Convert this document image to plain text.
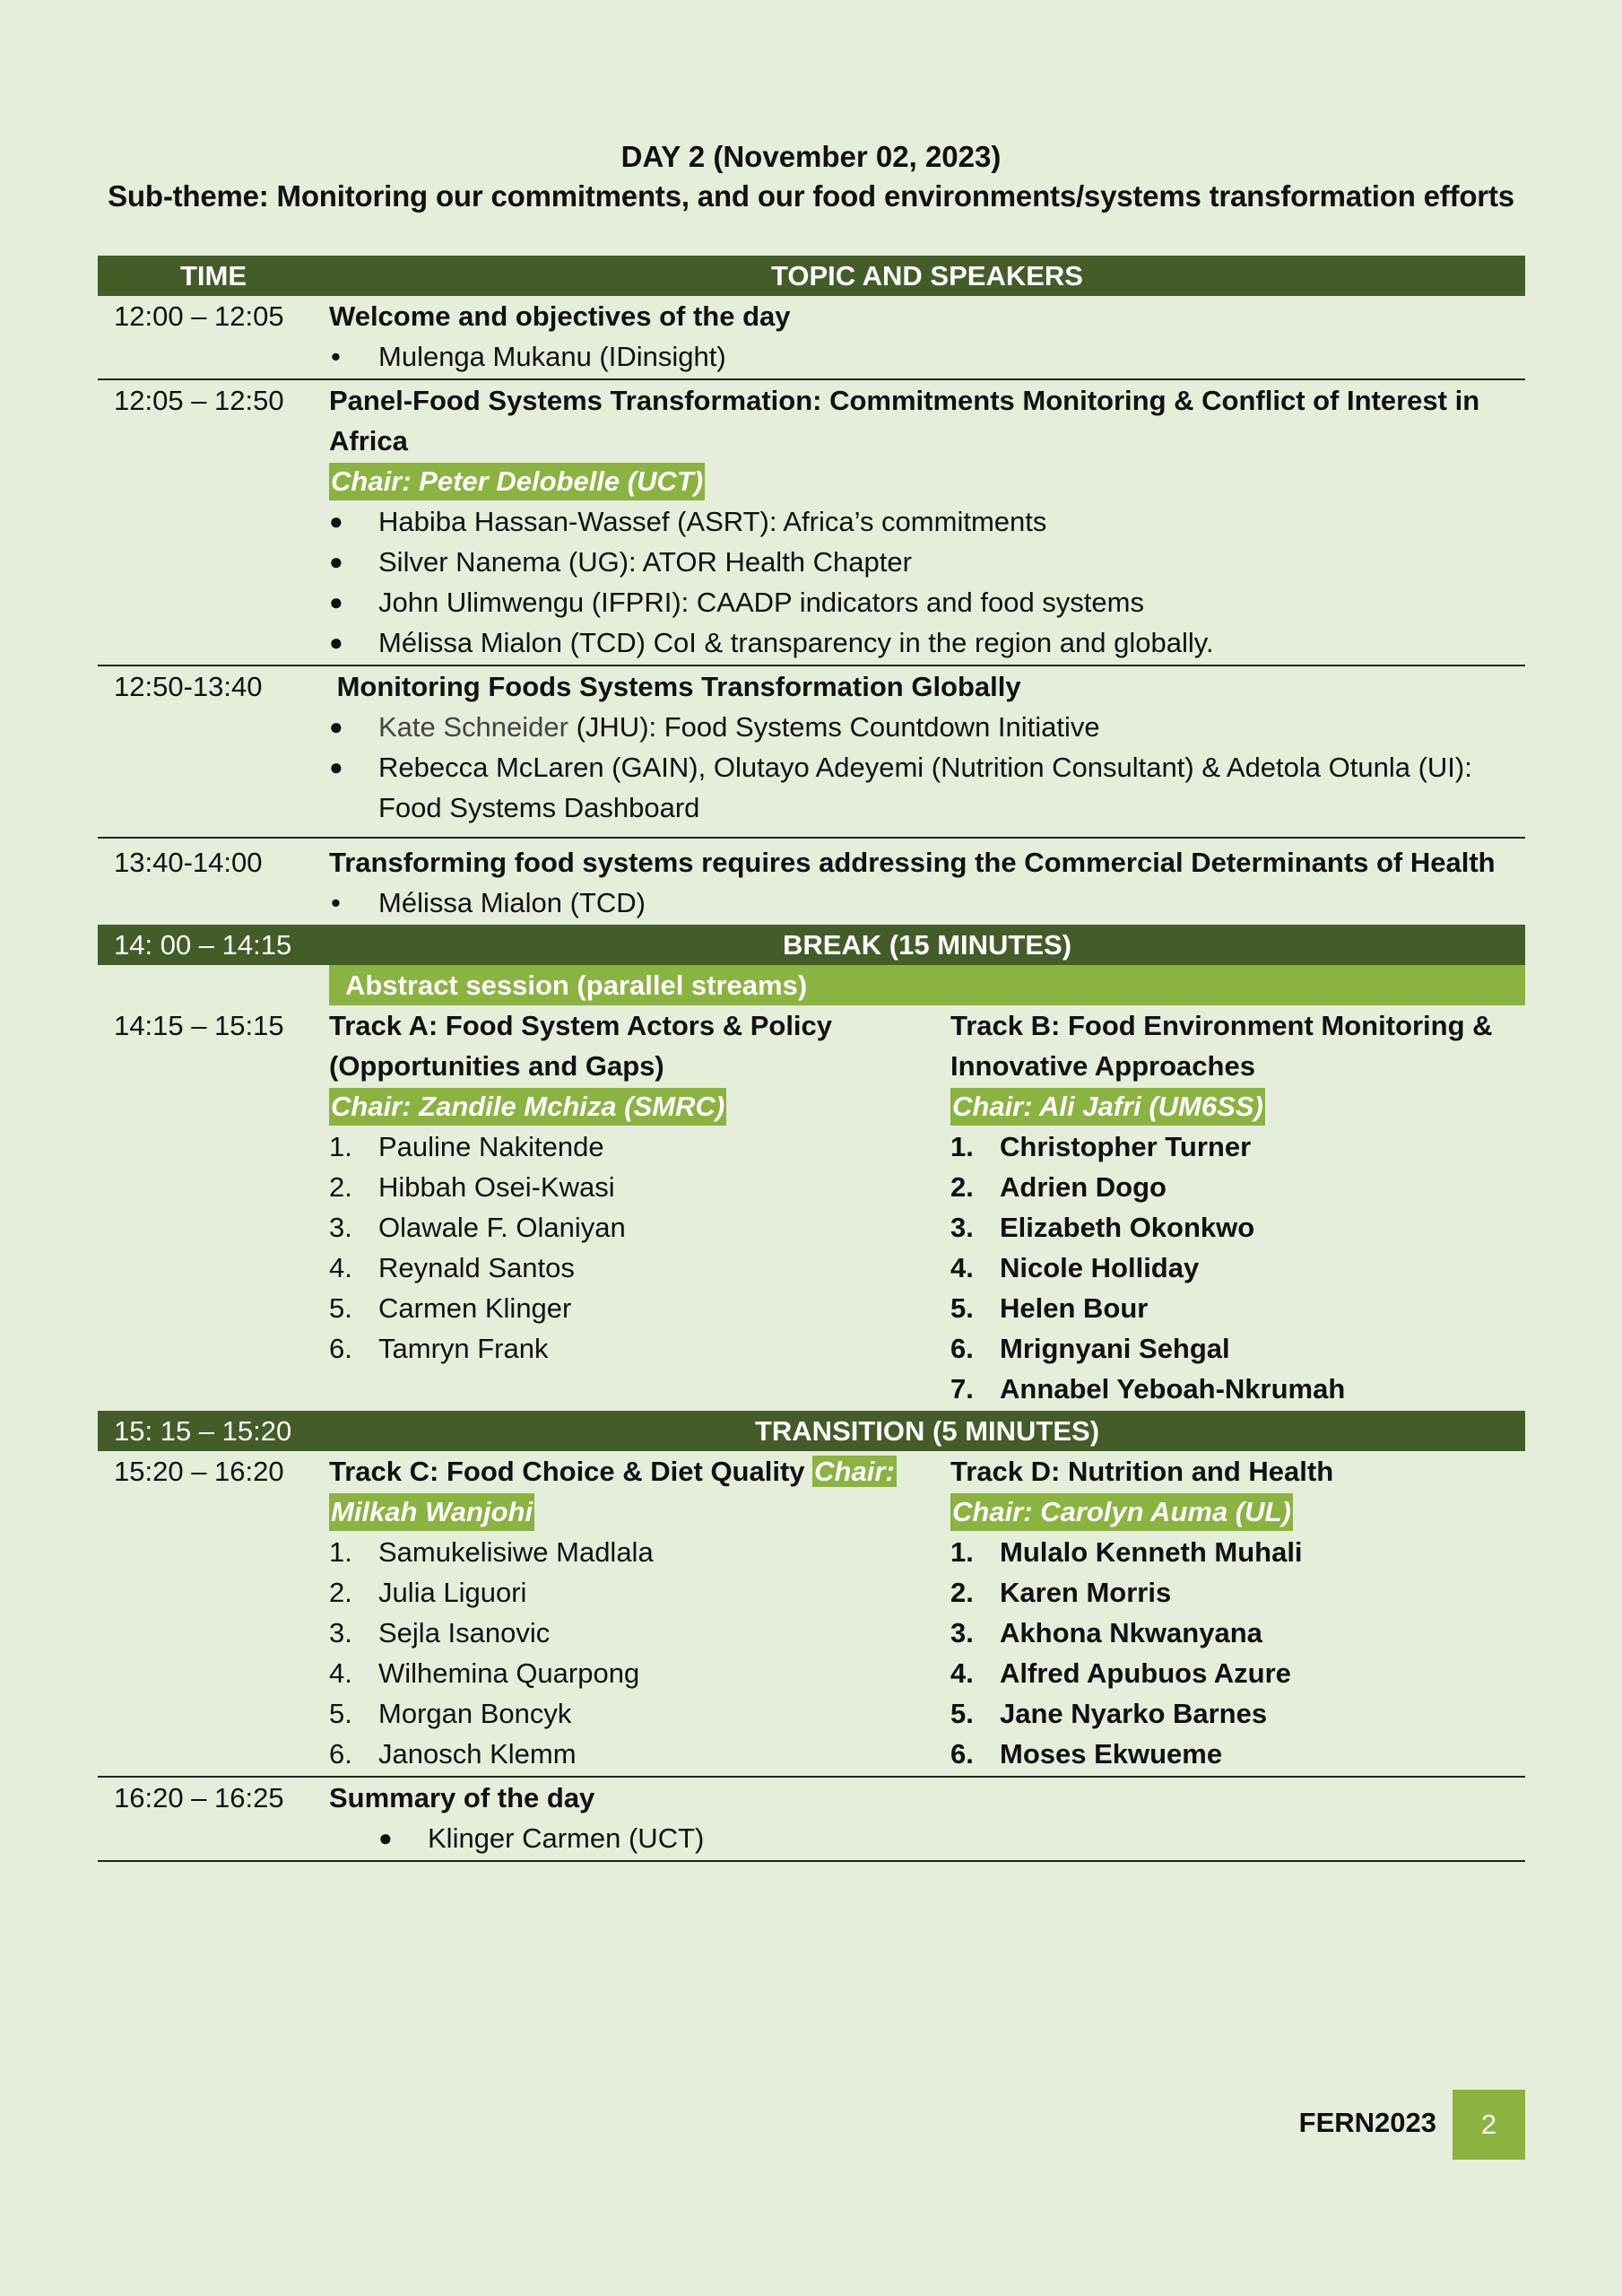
DAY 2 (November 02, 2023)
Sub-theme: Monitoring our commitments, and our food environments/systems transformation efforts
TIME	TOPIC AND SPEAKERS
12:00 – 12:05	Welcome and objectives of the day
• Mulenga Mukanu (IDinsight)
12:05 – 12:50	Panel-Food Systems Transformation: Commitments Monitoring & Conflict of Interest in Africa
Chair: Peter Delobelle (UCT)
● Habiba Hassan-Wassef (ASRT): Africa’s commitments
● Silver Nanema (UG): ATOR Health Chapter
● John Ulimwengu (IFPRI): CAADP indicators and food systems
● Mélissa Mialon (TCD) CoI & transparency in the region and globally.
12:50-13:40	Monitoring Foods Systems Transformation Globally
● Kate Schneider (JHU): Food Systems Countdown Initiative
● Rebecca McLaren (GAIN), Olutayo Adeyemi (Nutrition Consultant) & Adetola Otunla (UI): Food Systems Dashboard
13:40-14:00	Transforming food systems requires addressing the Commercial Determinants of Health
• Mélissa Mialon (TCD)
14: 00 – 14:15	BREAK (15 MINUTES)
Abstract session (parallel streams)
14:15 – 15:15	Track A: Food System Actors & Policy (Opportunities and Gaps)
Chair: Zandile Mchiza (SMRC)
1. Pauline Nakitende
2. Hibbah Osei-Kwasi
3. Olawale F. Olaniyan
4. Reynald Santos
5. Carmen Klinger
6. Tamryn Frank
Track B: Food Environment Monitoring & Innovative Approaches
Chair: Ali Jafri (UM6SS)
1. Christopher Turner
2. Adrien Dogo
3. Elizabeth Okonkwo
4. Nicole Holliday
5. Helen Bour
6. Mrignyani Sehgal
7. Annabel Yeboah-Nkrumah
15: 15 – 15:20	TRANSITION (5 MINUTES)
15:20 – 16:20	Track C: Food Choice & Diet Quality Chair:
Milkah Wanjohi
1. Samukelisiwe Madlala
2. Julia Liguori
3. Sejla Isanovic
4. Wilhemina Quarpong
5. Morgan Boncyk
6. Janosch Klemm
Track D: Nutrition and Health
Chair: Carolyn Auma (UL)
1. Mulalo Kenneth Muhali
2. Karen Morris
3. Akhona Nkwanyana
4. Alfred Apubuos Azure
5. Jane Nyarko Barnes
6. Moses Ekwueme
16:20 – 16:25	Summary of the day
● Klinger Carmen (UCT)
FERN2023	2
